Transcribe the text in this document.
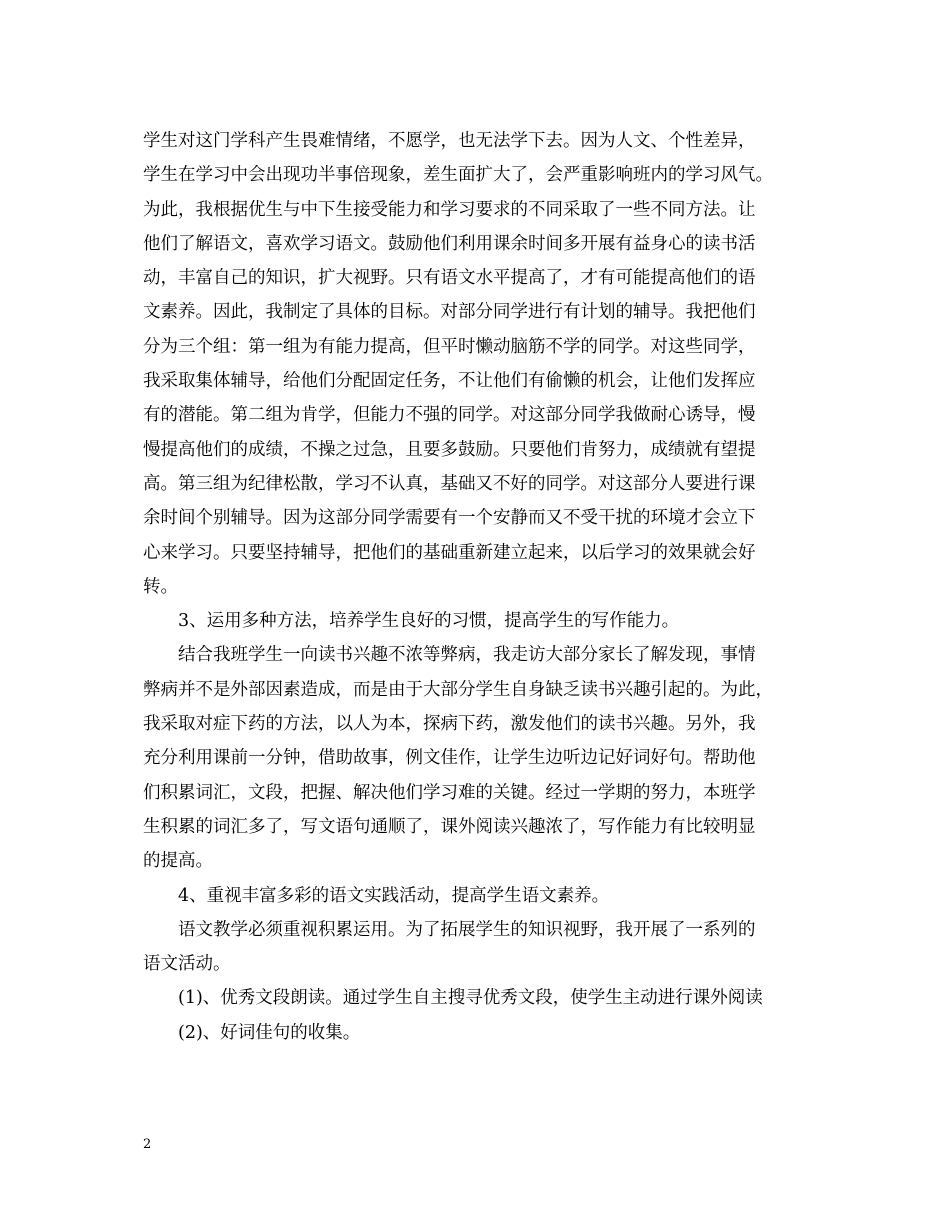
学生对这门学科产生畏难情绪，不愿学，也无法学下去。因为人文、个性差异，
学生在学习中会出现功半事倍现象，差生面扩大了，会严重影响班内的学习风气。
为此，我根据优生与中下生接受能力和学习要求的不同采取了一些不同方法。让
他们了解语文，喜欢学习语文。鼓励他们利用课余时间多开展有益身心的读书活
动，丰富自己的知识，扩大视野。只有语文水平提高了，才有可能提高他们的语
文素养。因此，我制定了具体的目标。对部分同学进行有计划的辅导。我把他们
分为三个组：第一组为有能力提高，但平时懒动脑筋不学的同学。对这些同学，
我采取集体辅导，给他们分配固定任务，不让他们有偷懒的机会，让他们发挥应
有的潜能。第二组为肯学，但能力不强的同学。对这部分同学我做耐心诱导，慢
慢提高他们的成绩，不操之过急，且要多鼓励。只要他们肯努力，成绩就有望提
高。第三组为纪律松散，学习不认真，基础又不好的同学。对这部分人要进行课
余时间个别辅导。因为这部分同学需要有一个安静而又不受干扰的环境才会立下
心来学习。只要坚持辅导，把他们的基础重新建立起来，以后学习的效果就会好
转。
3、运用多种方法，培养学生良好的习惯，提高学生的写作能力。
结合我班学生一向读书兴趣不浓等弊病，我走访大部分家长了解发现，事情
弊病并不是外部因素造成，而是由于大部分学生自身缺乏读书兴趣引起的。为此，
我采取对症下药的方法，以人为本，探病下药，激发他们的读书兴趣。另外，我
充分利用课前一分钟，借助故事，例文佳作，让学生边听边记好词好句。帮助他
们积累词汇，文段，把握、解决他们学习难的关键。经过一学期的努力，本班学
生积累的词汇多了，写文语句通顺了，课外阅读兴趣浓了，写作能力有比较明显
的提高。
4、重视丰富多彩的语文实践活动，提高学生语文素养。
语文教学必须重视积累运用。为了拓展学生的知识视野，我开展了一系列的
语文活动。
(1)、优秀文段朗读。通过学生自主搜寻优秀文段，使学生主动进行课外阅读
(2)、好词佳句的收集。
2
